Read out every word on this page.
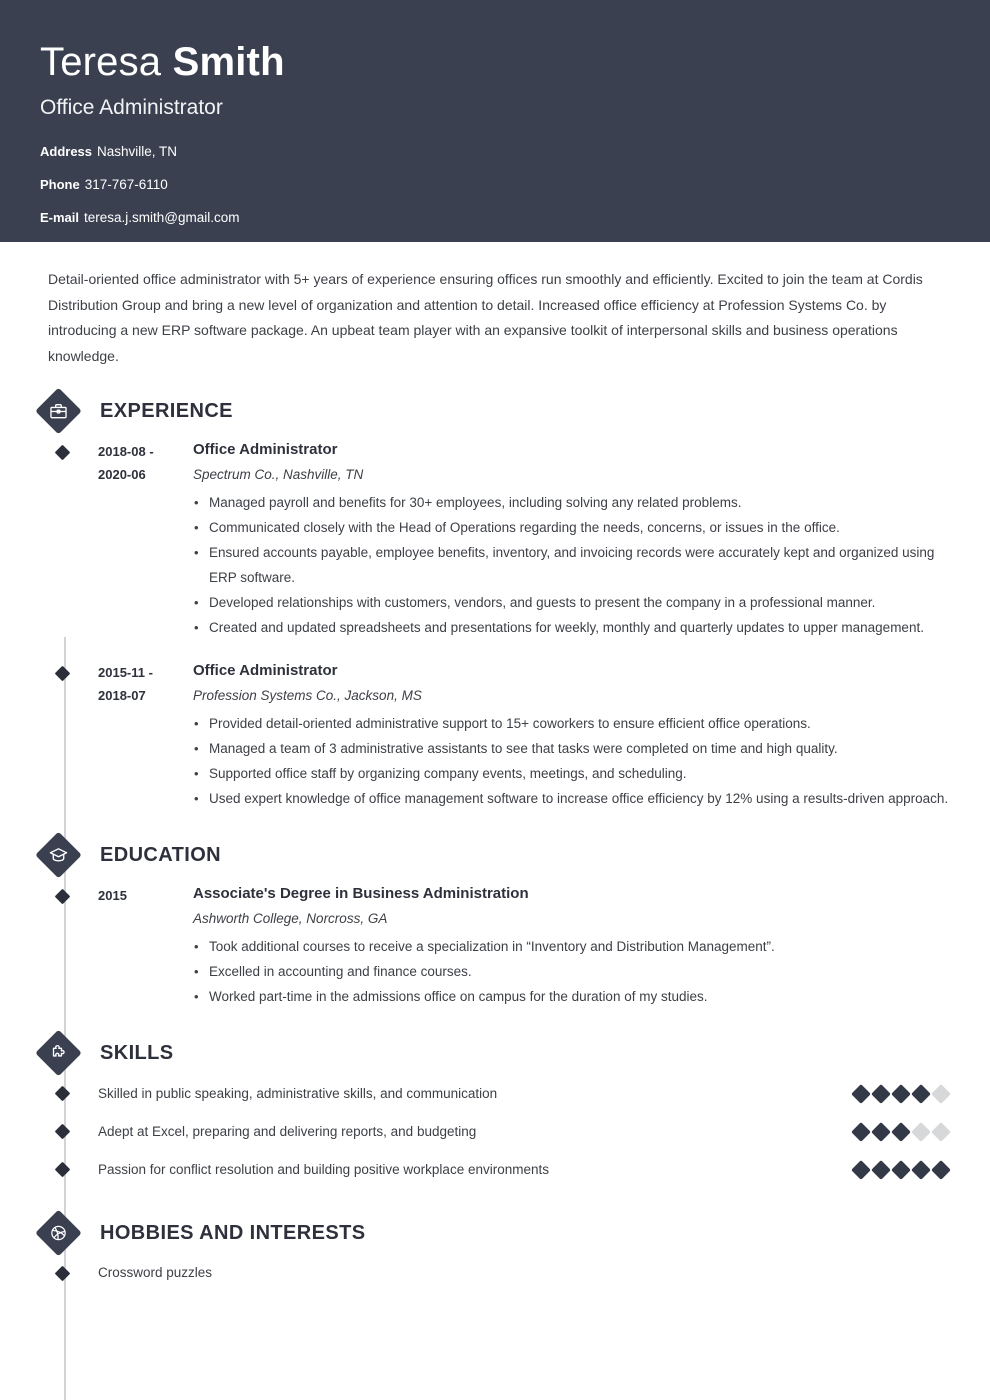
Teresa Smith
Office Administrator
Address Nashville, TN
Phone 317-767-6110
E-mail teresa.j.smith@gmail.com
Detail-oriented office administrator with 5+ years of experience ensuring offices run smoothly and efficiently. Excited to join the team at Cordis Distribution Group and bring a new level of organization and attention to detail. Increased office efficiency at Profession Systems Co. by introducing a new ERP software package. An upbeat team player with an expansive toolkit of interpersonal skills and business operations knowledge.
EXPERIENCE
2018-08 -
2020-06
Office Administrator
Spectrum Co., Nashville, TN
• Managed payroll and benefits for 30+ employees, including solving any related problems.
• Communicated closely with the Head of Operations regarding the needs, concerns, or issues in the office.
• Ensured accounts payable, employee benefits, inventory, and invoicing records were accurately kept and organized using ERP software.
• Developed relationships with customers, vendors, and guests to present the company in a professional manner.
• Created and updated spreadsheets and presentations for weekly, monthly and quarterly updates to upper management.
2015-11 -
2018-07
Office Administrator
Profession Systems Co., Jackson, MS
• Provided detail-oriented administrative support to 15+ coworkers to ensure efficient office operations.
• Managed a team of 3 administrative assistants to see that tasks were completed on time and high quality.
• Supported office staff by organizing company events, meetings, and scheduling.
• Used expert knowledge of office management software to increase office efficiency by 12% using a results-driven approach.
EDUCATION
2015	Associate's Degree in Business Administration
Ashworth College, Norcross, GA
• Took additional courses to receive a specialization in “Inventory and Distribution Management”.
• Excelled in accounting and finance courses.
• Worked part-time in the admissions office on campus for the duration of my studies.
SKILLS
Skilled in public speaking, administrative skills, and communication
Adept at Excel, preparing and delivering reports, and budgeting
Passion for conflict resolution and building positive workplace environments
HOBBIES AND INTERESTS
Crossword puzzles
